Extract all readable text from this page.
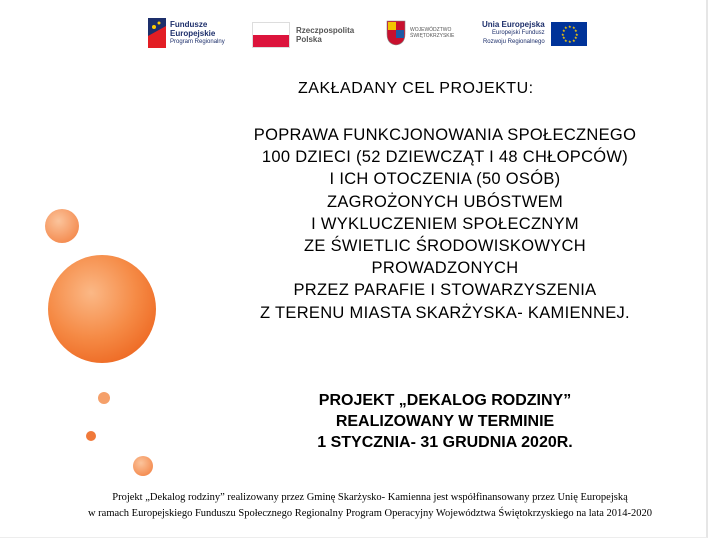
Fundusze
Europejskie
Program Regionalny
Rzeczpospolita
Polska
WOJEWÓDZTWO
ŚWIĘTOKRZYSKIE
Unia Europejska
Europejski Fundusz
Rozwoju Regionalnego
★ ★
★
★
★
★
★
★
★
★
★
★
ZAKŁADANY CEL PROJEKTU:
POPRAWA FUNKCJONOWANIA SPOŁECZNEGO
100 DZIECI (52 DZIEWCZĄT I 48 CHŁOPCÓW)
I ICH OTOCZENIA (50 OSÓB)
ZAGROŻONYCH UBÓSTWEM
I WYKLUCZENIEM SPOŁECZNYM
ZE ŚWIETLIC ŚRODOWISKOWYCH
PROWADZONYCH
PRZEZ PARAFIE I STOWARZYSZENIA
Z TERENU MIASTA SKARŻYSKA- KAMIENNEJ.
PROJEKT „DEKALOG RODZINY”
REALIZOWANY W TERMINIE
1 STYCZNIA- 31 GRUDNIA 2020R.
Projekt „Dekalog rodziny” realizowany przez Gminę Skarżysko- Kamienna jest współfinansowany przez Unię Europejską
w ramach Europejskiego Funduszu Społecznego Regionalny Program Operacyjny Województwa Świętokrzyskiego na lata 2014-2020
